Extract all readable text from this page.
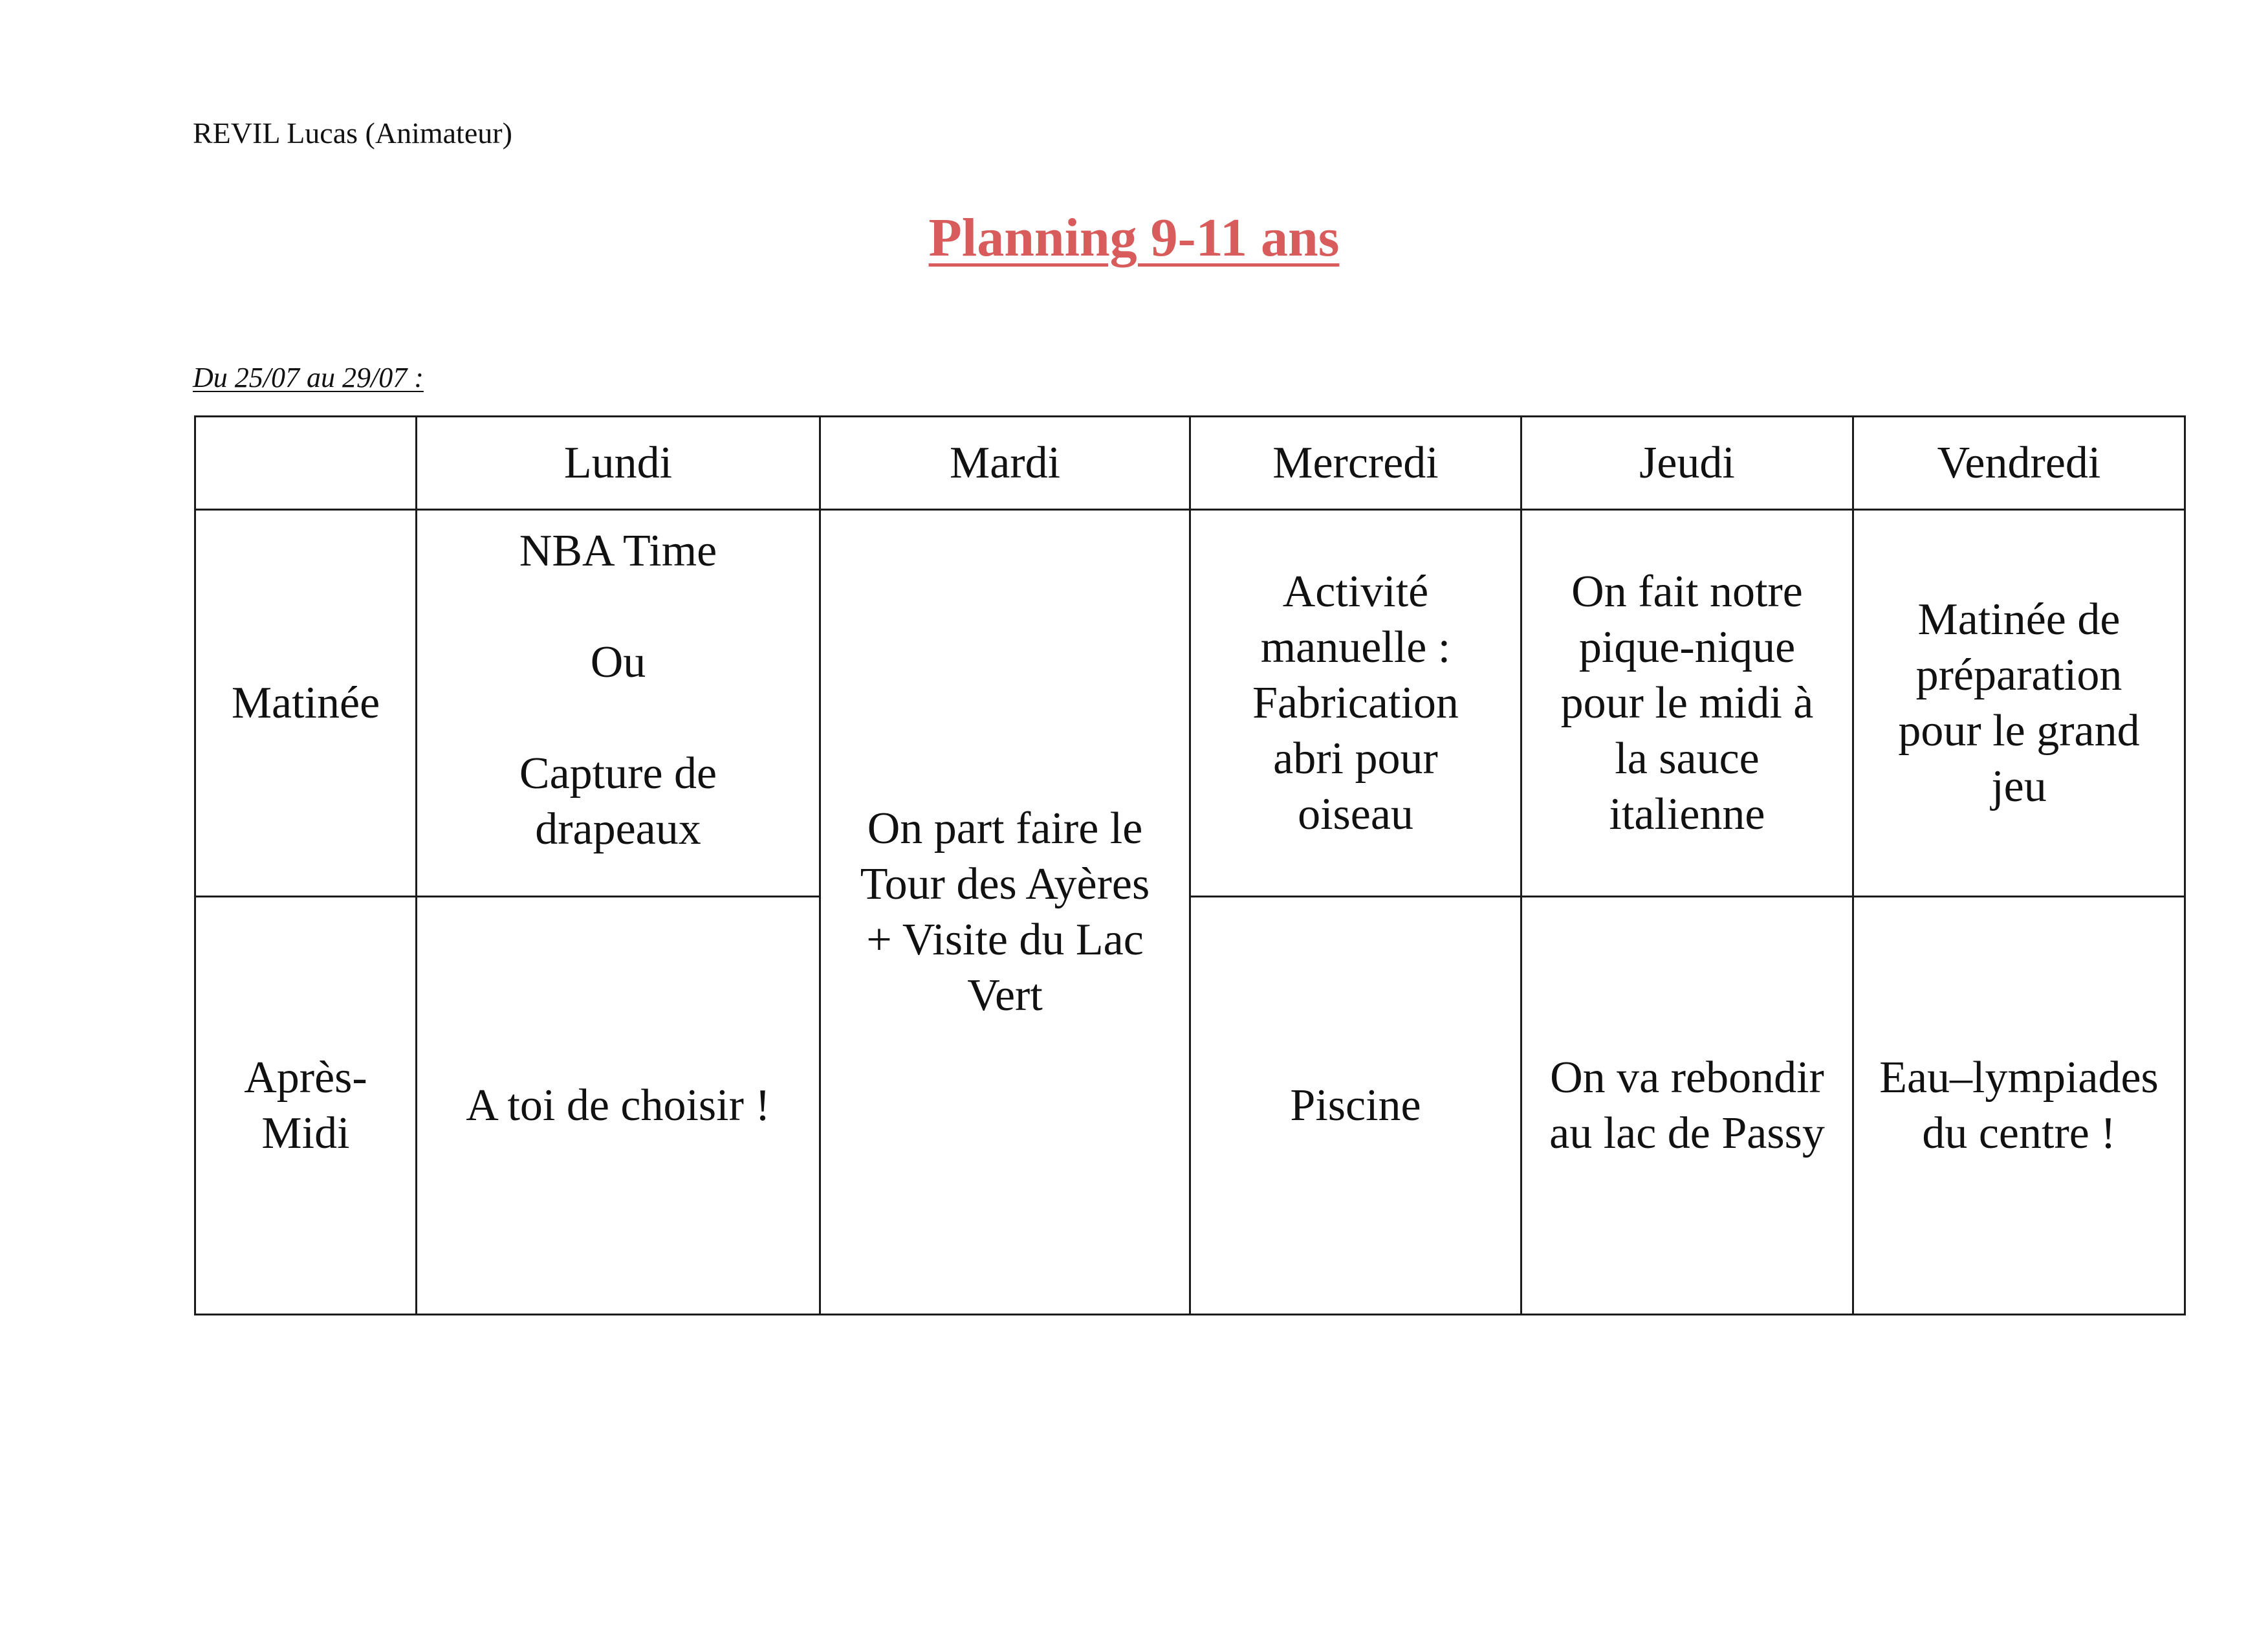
REVIL Lucas (Animateur)
Planning 9-11 ans
Du 25/07 au 29/07 :
	Lundi	Mardi	Mercredi	Jeudi	Vendredi
Matinée	NBA Time

Ou

Capture de
drapeaux	On part faire le
Tour des Ayères
+ Visite du Lac
Vert	Activité
manuelle :
Fabrication
abri pour
oiseau	On fait notre
pique-nique
pour le midi à
la sauce
italienne	Matinée de
préparation
pour le grand
jeu
Après-
Midi	A toi de choisir !		Piscine	On va rebondir
au lac de Passy	Eau–lympiades
du centre !
